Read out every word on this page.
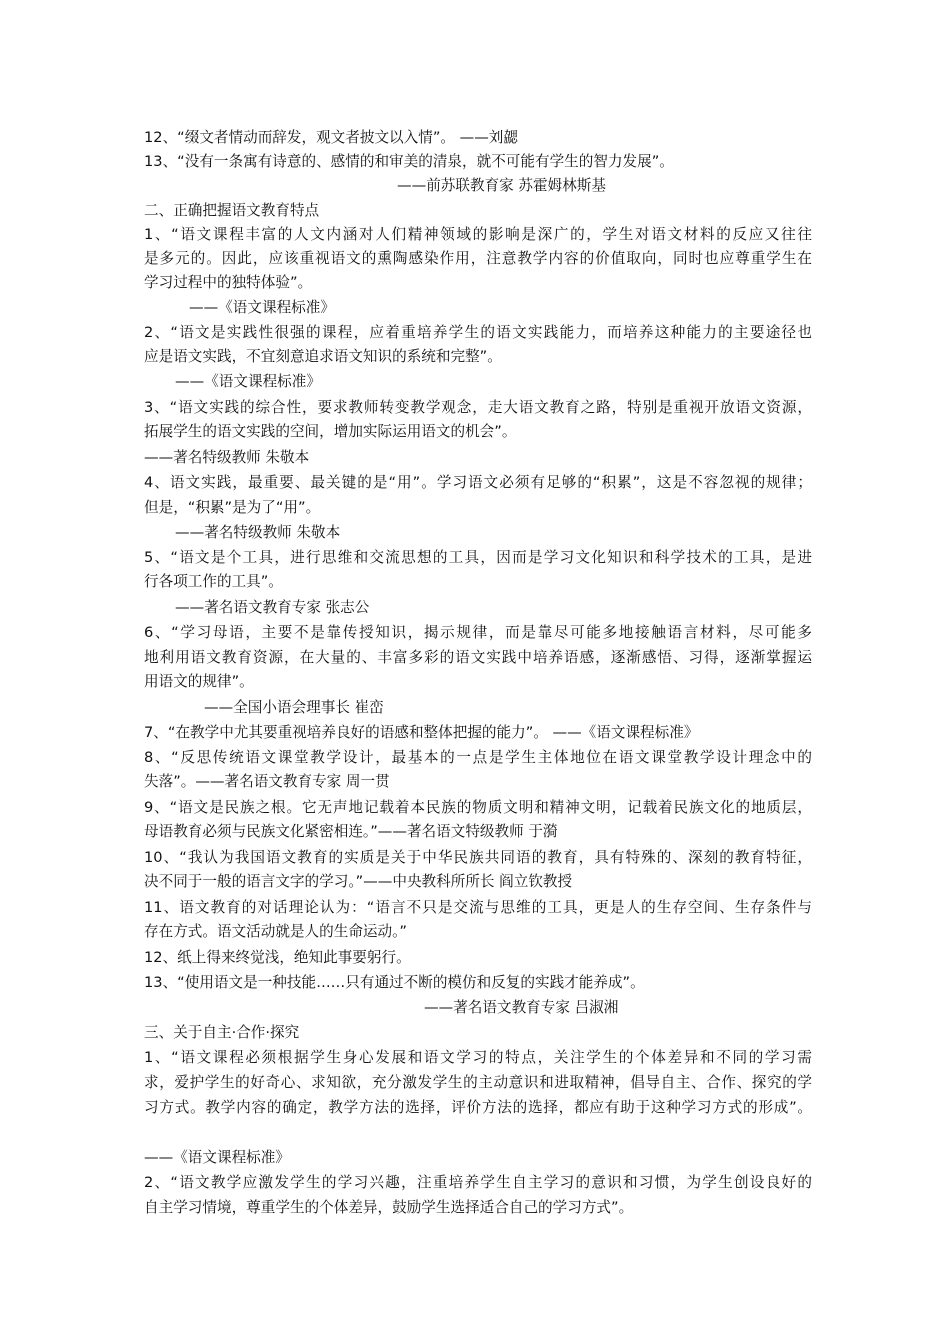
12、“缀文者情动而辞发，观文者披文以入情”。 ——刘勰
13、“没有一条寓有诗意的、感情的和审美的清泉，就不可能有学生的智力发展”。
——前苏联教育家 苏霍姆林斯基
二、正确把握语文教育特点
1、“语文课程丰富的人文内涵对人们精神领域的影响是深广的，学生对语文材料的反应又往往
是多元的。因此，应该重视语文的熏陶感染作用，注意教学内容的价值取向，同时也应尊重学生在
学习过程中的独特体验”。
——《语文课程标准》
2、“语文是实践性很强的课程，应着重培养学生的语文实践能力，而培养这种能力的主要途径也
应是语文实践，不宜刻意追求语文知识的系统和完整”。
——《语文课程标准》
3、“语文实践的综合性，要求教师转变教学观念，走大语文教育之路，特别是重视开放语文资源，
拓展学生的语文实践的空间，增加实际运用语文的机会”。
——著名特级教师 朱敬本
4、语文实践，最重要、最关键的是“用”。学习语文必须有足够的“积累”，这是不容忽视的规律；
但是，“积累”是为了“用”。
——著名特级教师 朱敬本
5、“语文是个工具，进行思维和交流思想的工具，因而是学习文化知识和科学技术的工具，是进
行各项工作的工具”。
——著名语文教育专家 张志公
6、“学习母语，主要不是靠传授知识，揭示规律，而是靠尽可能多地接触语言材料，尽可能多
地利用语文教育资源，在大量的、丰富多彩的语文实践中培养语感，逐渐感悟、习得，逐渐掌握运
用语文的规律”。
——全国小语会理事长 崔峦
7、“在教学中尤其要重视培养良好的语感和整体把握的能力”。 ——《语文课程标准》
8、“反思传统语文课堂教学设计，最基本的一点是学生主体地位在语文课堂教学设计理念中的
失落”。——著名语文教育专家 周一贯
9、“语文是民族之根。它无声地记载着本民族的物质文明和精神文明，记载着民族文化的地质层，
母语教育必须与民族文化紧密相连。”——著名语文特级教师 于漪
10、“我认为我国语文教育的实质是关于中华民族共同语的教育，具有特殊的、深刻的教育特征，
决不同于一般的语言文字的学习。”——中央教科所所长 阎立钦教授
11、语文教育的对话理论认为：“语言不只是交流与思维的工具，更是人的生存空间、生存条件与
存在方式。语文活动就是人的生命运动。”
12、纸上得来终觉浅，绝知此事要躬行。
13、“使用语文是一种技能……只有通过不断的模仿和反复的实践才能养成”。
——著名语文教育专家 吕淑湘
三、关于自主·合作·探究
1、“语文课程必须根据学生身心发展和语文学习的特点，关注学生的个体差异和不同的学习需
求，爱护学生的好奇心、求知欲，充分激发学生的主动意识和进取精神，倡导自主、合作、探究的学
习方式。教学内容的确定，教学方法的选择，评价方法的选择，都应有助于这种学习方式的形成”。
——《语文课程标准》
2、“语文教学应激发学生的学习兴趣，注重培养学生自主学习的意识和习惯，为学生创设良好的
自主学习情境，尊重学生的个体差异，鼓励学生选择适合自己的学习方式”。
